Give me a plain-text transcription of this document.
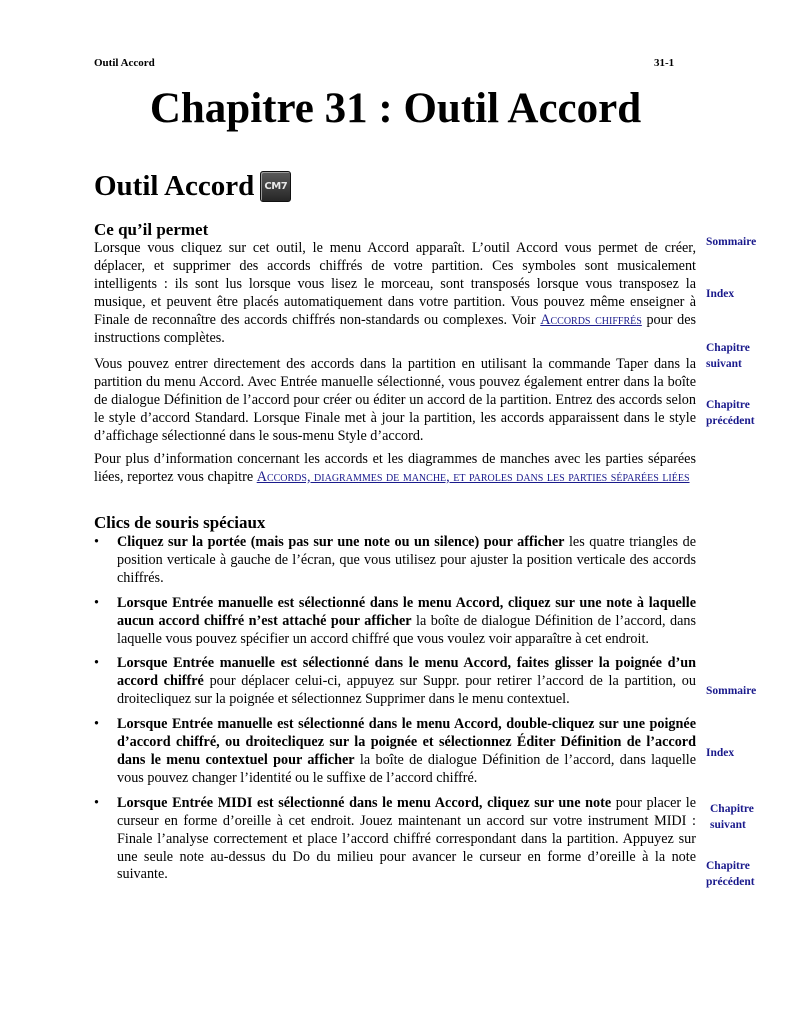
Outil Accord	31-1
Chapitre 31 : Outil Accord
Outil Accord	CM7
Ce qu’il permet
Lorsque vous cliquez sur cet outil, le menu Accord apparaît. L’outil Accord vous permet de créer, déplacer, et supprimer des accords chiffrés de votre partition. Ces symboles sont musicalement intelligents : ils sont lus lorsque vous lisez le morceau, sont transposés lorsque vous transposez la musique, et peuvent être placés automatiquement dans votre partition. Vous pouvez même enseigner à Finale de reconnaître des accords chiffrés non-standards ou complexes. Voir Accords chiffrés pour des instructions complètes.
Vous pouvez entrer directement des accords dans la partition en utilisant la commande Taper dans la partition du menu Accord. Avec Entrée manuelle sélectionné, vous pouvez également entrer dans la boîte de dialogue Définition de l’accord pour créer ou éditer un accord de la partition. Entrez des accords selon le style d’accord Standard. Lorsque Finale met à jour la partition, les accords apparaissent dans le style d’affichage sélectionné dans le sous-menu Style d’accord.
Pour plus d’information concernant les accords et les diagrammes de manches avec les parties séparées liées, reportez vous chapitre Accords, diagrammes de manche, et paroles dans les parties séparées liées
Clics de souris spéciaux
• Cliquez sur la portée (mais pas sur une note ou un silence) pour afficher les quatre triangles de position verticale à gauche de l’écran, que vous utilisez pour ajuster la position verticale des accords chiffrés.
• Lorsque Entrée manuelle est sélectionné dans le menu Accord, cliquez sur une note à laquelle aucun accord chiffré n’est attaché pour afficher la boîte de dialogue Définition de l’accord, dans laquelle vous pouvez spécifier un accord chiffré que vous voulez voir apparaître à cet endroit.
• Lorsque Entrée manuelle est sélectionné dans le menu Accord, faites glisser la poignée d’un accord chiffré pour déplacer celui-ci, appuyez sur Suppr. pour retirer l’accord de la partition, ou droitecliquez sur la poignée et sélectionnez Supprimer dans le menu contextuel.
• Lorsque Entrée manuelle est sélectionné dans le menu Accord, double-cliquez sur une poignée d’accord chiffré, ou droitecliquez sur la poignée et sélectionnez Éditer Définition de l’accord dans le menu contextuel pour afficher la boîte de dialogue Définition de l’accord, dans laquelle vous pouvez changer l’identité ou le suffixe de l’accord chiffré.
• Lorsque Entrée MIDI est sélectionné dans le menu Accord, cliquez sur une note pour placer le curseur en forme d’oreille à cet endroit. Jouez maintenant un accord sur votre instrument MIDI : Finale l’analyse correctement et place l’accord chiffré correspondant dans la partition. Appuyez sur une seule note au-dessus du Do du milieu pour avancer le curseur en forme d’oreille à la note suivante.
Sommaire
Index
Chapitre
suivant
Chapitre
précédent
Sommaire
Index
Chapitre
suivant
Chapitre
précédent
